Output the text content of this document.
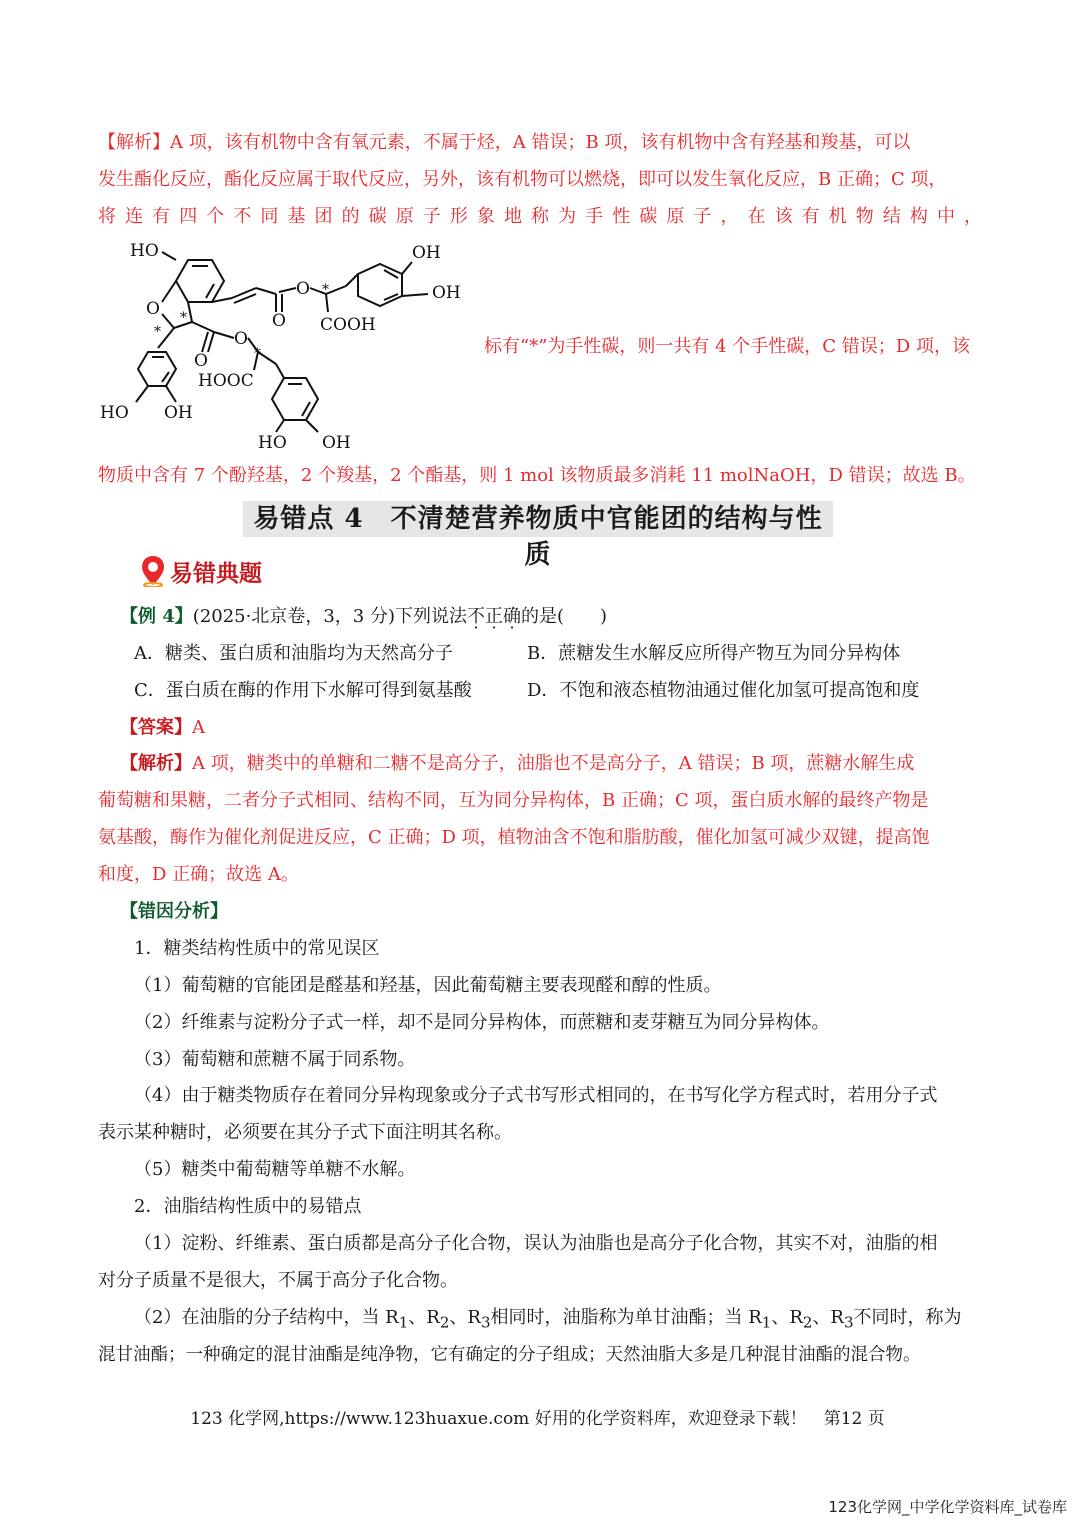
【解析】A 项，该有机物中含有氧元素，不属于烃，A 错误；B 项，该有机物中含有羟基和羧基，可以
发生酯化反应，酯化反应属于取代反应，另外，该有机物可以燃烧，即可以发生氧化反应，B 正确；C 项，
将 连 有 四 个 不 同 基 团 的 碳 原 子 形 象 地 称 为 手 性 碳 原 子 ， 在 该 有 机 物 结 构 中 ，
HO	OH
OH
O
O
O COOH
O
O
HOOC
HO OH
HO OH
*
*
*
*	标有“*”为手性碳，则一共有 4 个手性碳，C 错误；D 项，该
物质中含有 7 个酚羟基，2 个羧基，2 个酯基，则 1 mol 该物质最多消耗 11 molNaOH，D 错误；故选 B。
易错点 4　不清楚营养物质中官能团的结构与性质
易错典题
【例 4】(2025·北京卷，3，3 分)下列说法不正确的是(　　)
A．糖类、蛋白质和油脂均为天然高分子	B．蔗糖发生水解反应所得产物互为同分异构体
C．蛋白质在酶的作用下水解可得到氨基酸	D．不饱和液态植物油通过催化加氢可提高饱和度
【答案】A
【解析】A 项，糖类中的单糖和二糖不是高分子，油脂也不是高分子，A 错误；B 项，蔗糖水解生成
葡萄糖和果糖，二者分子式相同、结构不同，互为同分异构体，B 正确；C 项，蛋白质水解的最终产物是
氨基酸，酶作为催化剂促进反应，C 正确；D 项，植物油含不饱和脂肪酸，催化加氢可减少双键，提高饱
和度，D 正确；故选 A。
【错因分析】
1．糖类结构性质中的常见误区
（1）葡萄糖的官能团是醛基和羟基，因此葡萄糖主要表现醛和醇的性质。
（2）纤维素与淀粉分子式一样，却不是同分异构体，而蔗糖和麦芽糖互为同分异构体。
（3）葡萄糖和蔗糖不属于同系物。
（4）由于糖类物质存在着同分异构现象或分子式书写形式相同的，在书写化学方程式时，若用分子式
表示某种糖时，必须要在其分子式下面注明其名称。
（5）糖类中葡萄糖等单糖不水解。
2．油脂结构性质中的易错点
（1）淀粉、纤维素、蛋白质都是高分子化合物，误认为油脂也是高分子化合物，其实不对，油脂的相
对分子质量不是很大，不属于高分子化合物。
（2）在油脂的分子结构中，当 $R_1$、$R_2$、$R_3$相同时，油脂称为单甘油酯；当 $R_1$、$R_2$、$R_3$不同时，称为
混甘油酯；一种确定的混甘油酯是纯净物，它有确定的分子组成；天然油脂大多是几种混甘油酯的混合物。
123 化学网,https://www.123huaxue.com 好用的化学资料库，欢迎登录下载！　第12 页
123化学网_中学化学资料库_试卷库
